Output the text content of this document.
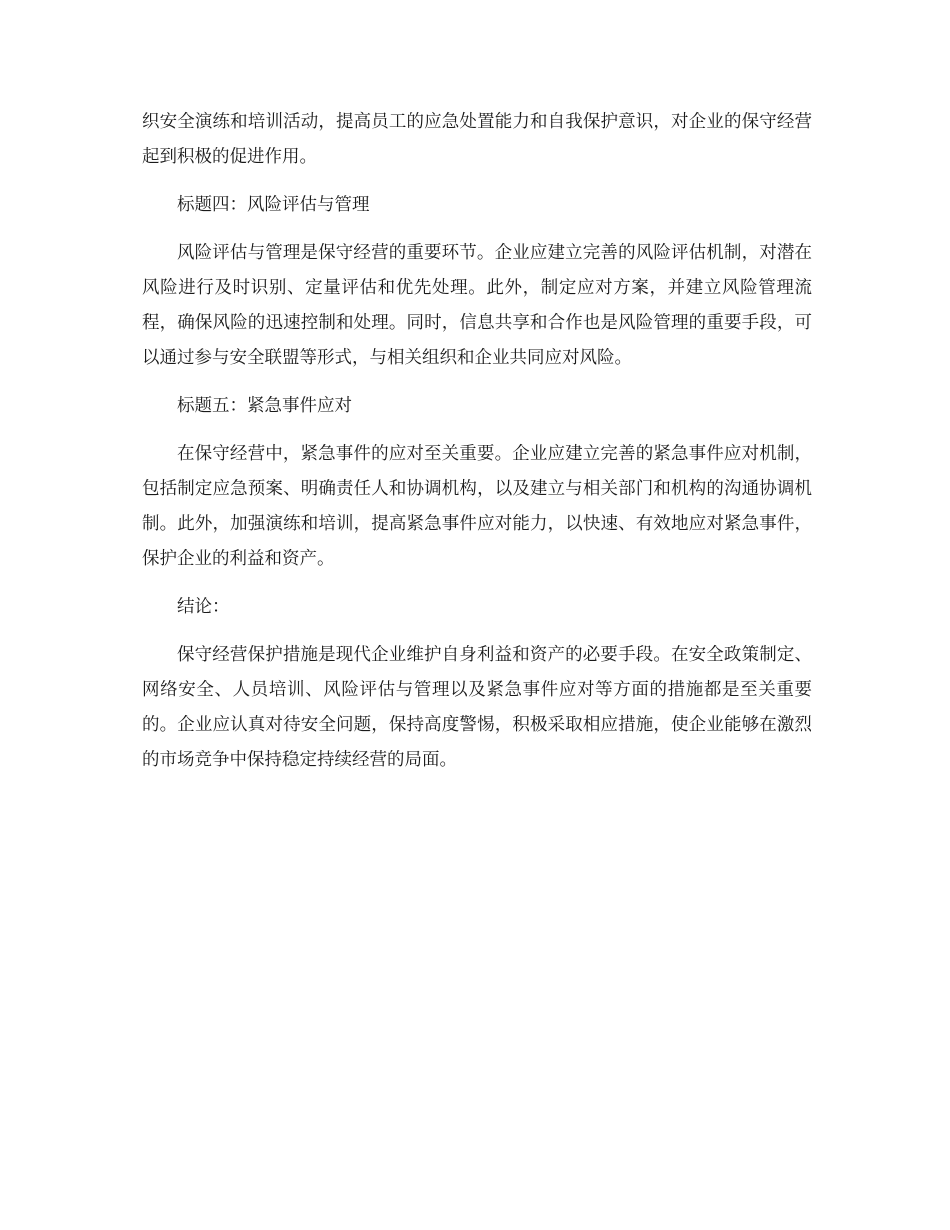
织安全演练和培训活动，提高员工的应急处置能力和自我保护意识，对企业的保守经营起到积极的促进作用。

标题四：风险评估与管理

风险评估与管理是保守经营的重要环节。企业应建立完善的风险评估机制，对潜在风险进行及时识别、定量评估和优先处理。此外，制定应对方案，并建立风险管理流程，确保风险的迅速控制和处理。同时，信息共享和合作也是风险管理的重要手段，可以通过参与安全联盟等形式，与相关组织和企业共同应对风险。

标题五：紧急事件应对

在保守经营中，紧急事件的应对至关重要。企业应建立完善的紧急事件应对机制，包括制定应急预案、明确责任人和协调机构，以及建立与相关部门和机构的沟通协调机制。此外，加强演练和培训，提高紧急事件应对能力，以快速、有效地应对紧急事件，保护企业的利益和资产。

结论：

保守经营保护措施是现代企业维护自身利益和资产的必要手段。在安全政策制定、网络安全、人员培训、风险评估与管理以及紧急事件应对等方面的措施都是至关重要的。企业应认真对待安全问题，保持高度警惕，积极采取相应措施，使企业能够在激烈的市场竞争中保持稳定持续经营的局面。
